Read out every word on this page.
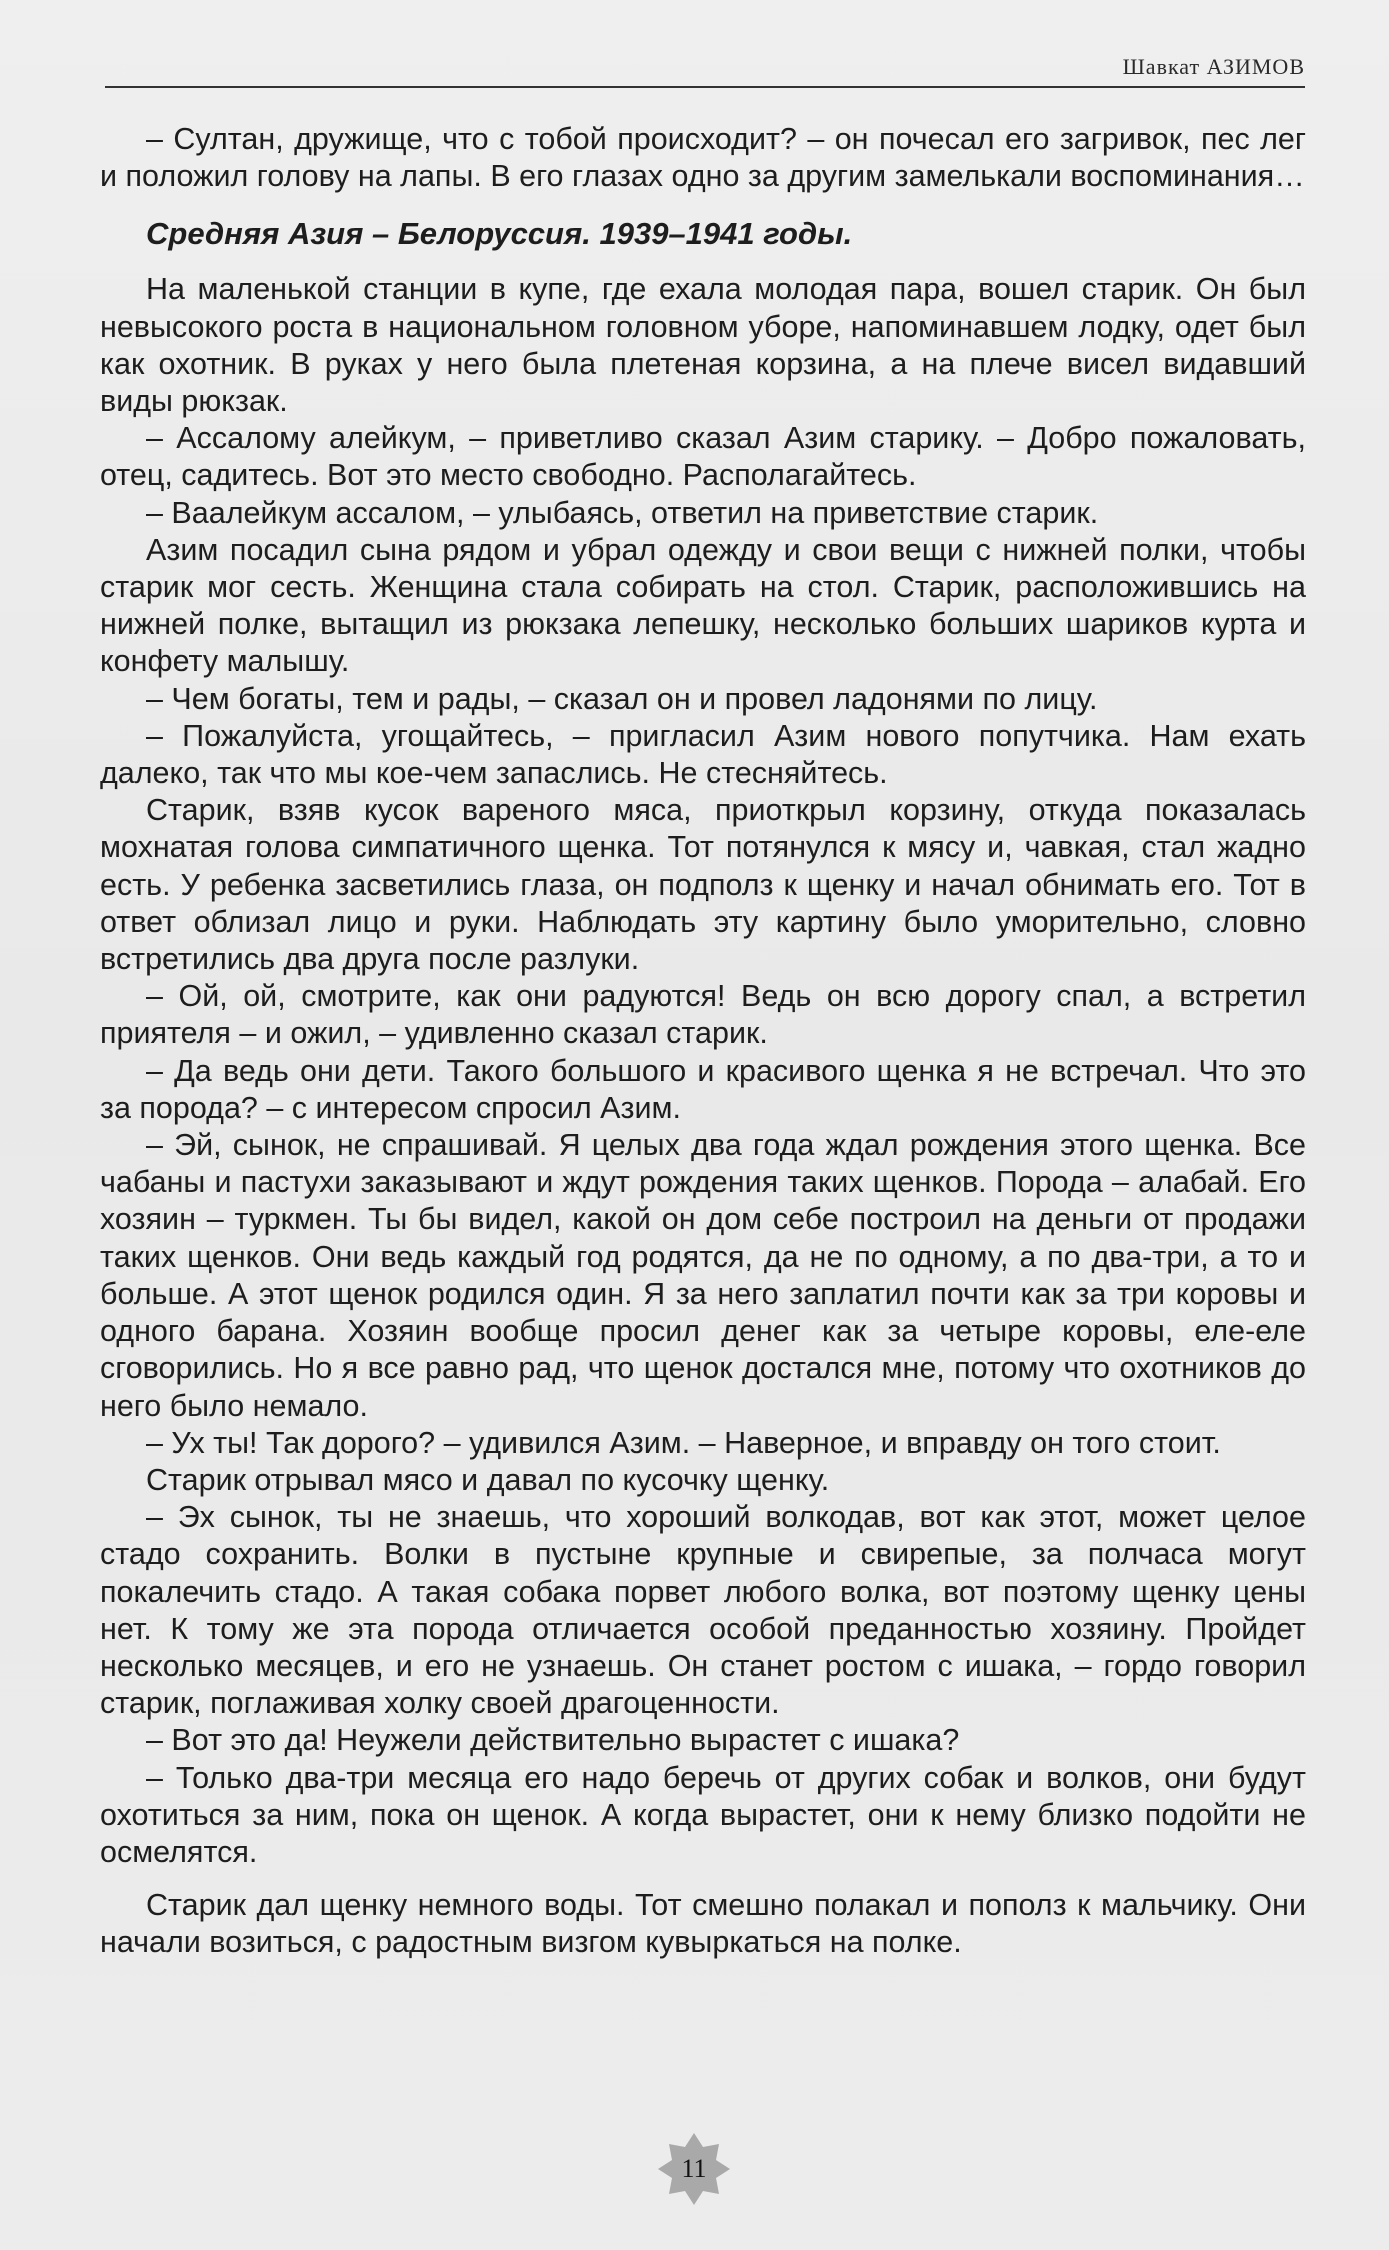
Шавкат АЗИМОВ

– Султан, дружище, что с тобой происходит? – он почесал его загривок, пес лег и положил голову на лапы. В его глазах одно за другим замелькали воспоминания…

Средняя Азия – Белоруссия. 1939–1941 годы.

На маленькой станции в купе, где ехала молодая пара, вошел старик. Он был невысокого роста в национальном головном уборе, напоминавшем лодку, одет был как охотник. В руках у него была плетеная корзина, а на плече висел видавший виды рюкзак.

– Ассалому алейкум, – приветливо сказал Азим старику. – Добро пожаловать, отец, садитесь. Вот это место свободно. Располагайтесь.

– Ваалейкум ассалом, – улыбаясь, ответил на приветствие старик.

Азим посадил сына рядом и убрал одежду и свои вещи с нижней полки, чтобы старик мог сесть. Женщина стала собирать на стол. Старик, расположившись на нижней полке, вытащил из рюкзака лепешку, несколько больших шариков курта и конфету малышу.

– Чем богаты, тем и рады, – сказал он и провел ладонями по лицу.

– Пожалуйста, угощайтесь, – пригласил Азим нового попутчика. Нам ехать далеко, так что мы кое-чем запаслись. Не стесняйтесь.

Старик, взяв кусок вареного мяса, приоткрыл корзину, откуда показалась мохнатая голова симпатичного щенка. Тот потянулся к мясу и, чавкая, стал жадно есть. У ребенка засветились глаза, он подполз к щенку и начал обнимать его. Тот в ответ облизал лицо и руки. Наблюдать эту картину было уморительно, словно встретились два друга после разлуки.

– Ой, ой, смотрите, как они радуются! Ведь он всю дорогу спал, а встретил приятеля – и ожил, – удивленно сказал старик.

– Да ведь они дети. Такого большого и красивого щенка я не встречал. Что это за порода? – с интересом спросил Азим.

– Эй, сынок, не спрашивай. Я целых два года ждал рождения этого щенка. Все чабаны и пастухи заказывают и ждут рождения таких щенков. Порода – алабай. Его хозяин – туркмен. Ты бы видел, какой он дом себе построил на деньги от продажи таких щенков. Они ведь каждый год родятся, да не по одному, а по два-три, а то и больше. А этот щенок родился один. Я за него заплатил почти как за три коровы и одного барана. Хозяин вообще просил денег как за четыре коровы, еле-еле сговорились. Но я все равно рад, что щенок достался мне, потому что охотников до него было немало.

– Ух ты! Так дорого? – удивился Азим. – Наверное, и вправду он того стоит.

Старик отрывал мясо и давал по кусочку щенку.

– Эх сынок, ты не знаешь, что хороший волкодав, вот как этот, может целое стадо сохранить. Волки в пустыне крупные и свирепые, за полчаса могут покалечить стадо. А такая собака порвет любого волка, вот поэтому щенку цены нет. К тому же эта порода отличается особой преданностью хозяину. Пройдет несколько месяцев, и его не узнаешь. Он станет ростом с ишака, – гордо говорил старик, поглаживая холку своей драгоценности.

– Вот это да! Неужели действительно вырастет с ишака?

– Только два-три месяца его надо беречь от других собак и волков, они будут охотиться за ним, пока он щенок. А когда вырастет, они к нему близко подойти не осмелятся.

Старик дал щенку немного воды. Тот смешно полакал и пополз к мальчику. Они начали возиться, с радостным визгом кувыркаться на полке.

11
